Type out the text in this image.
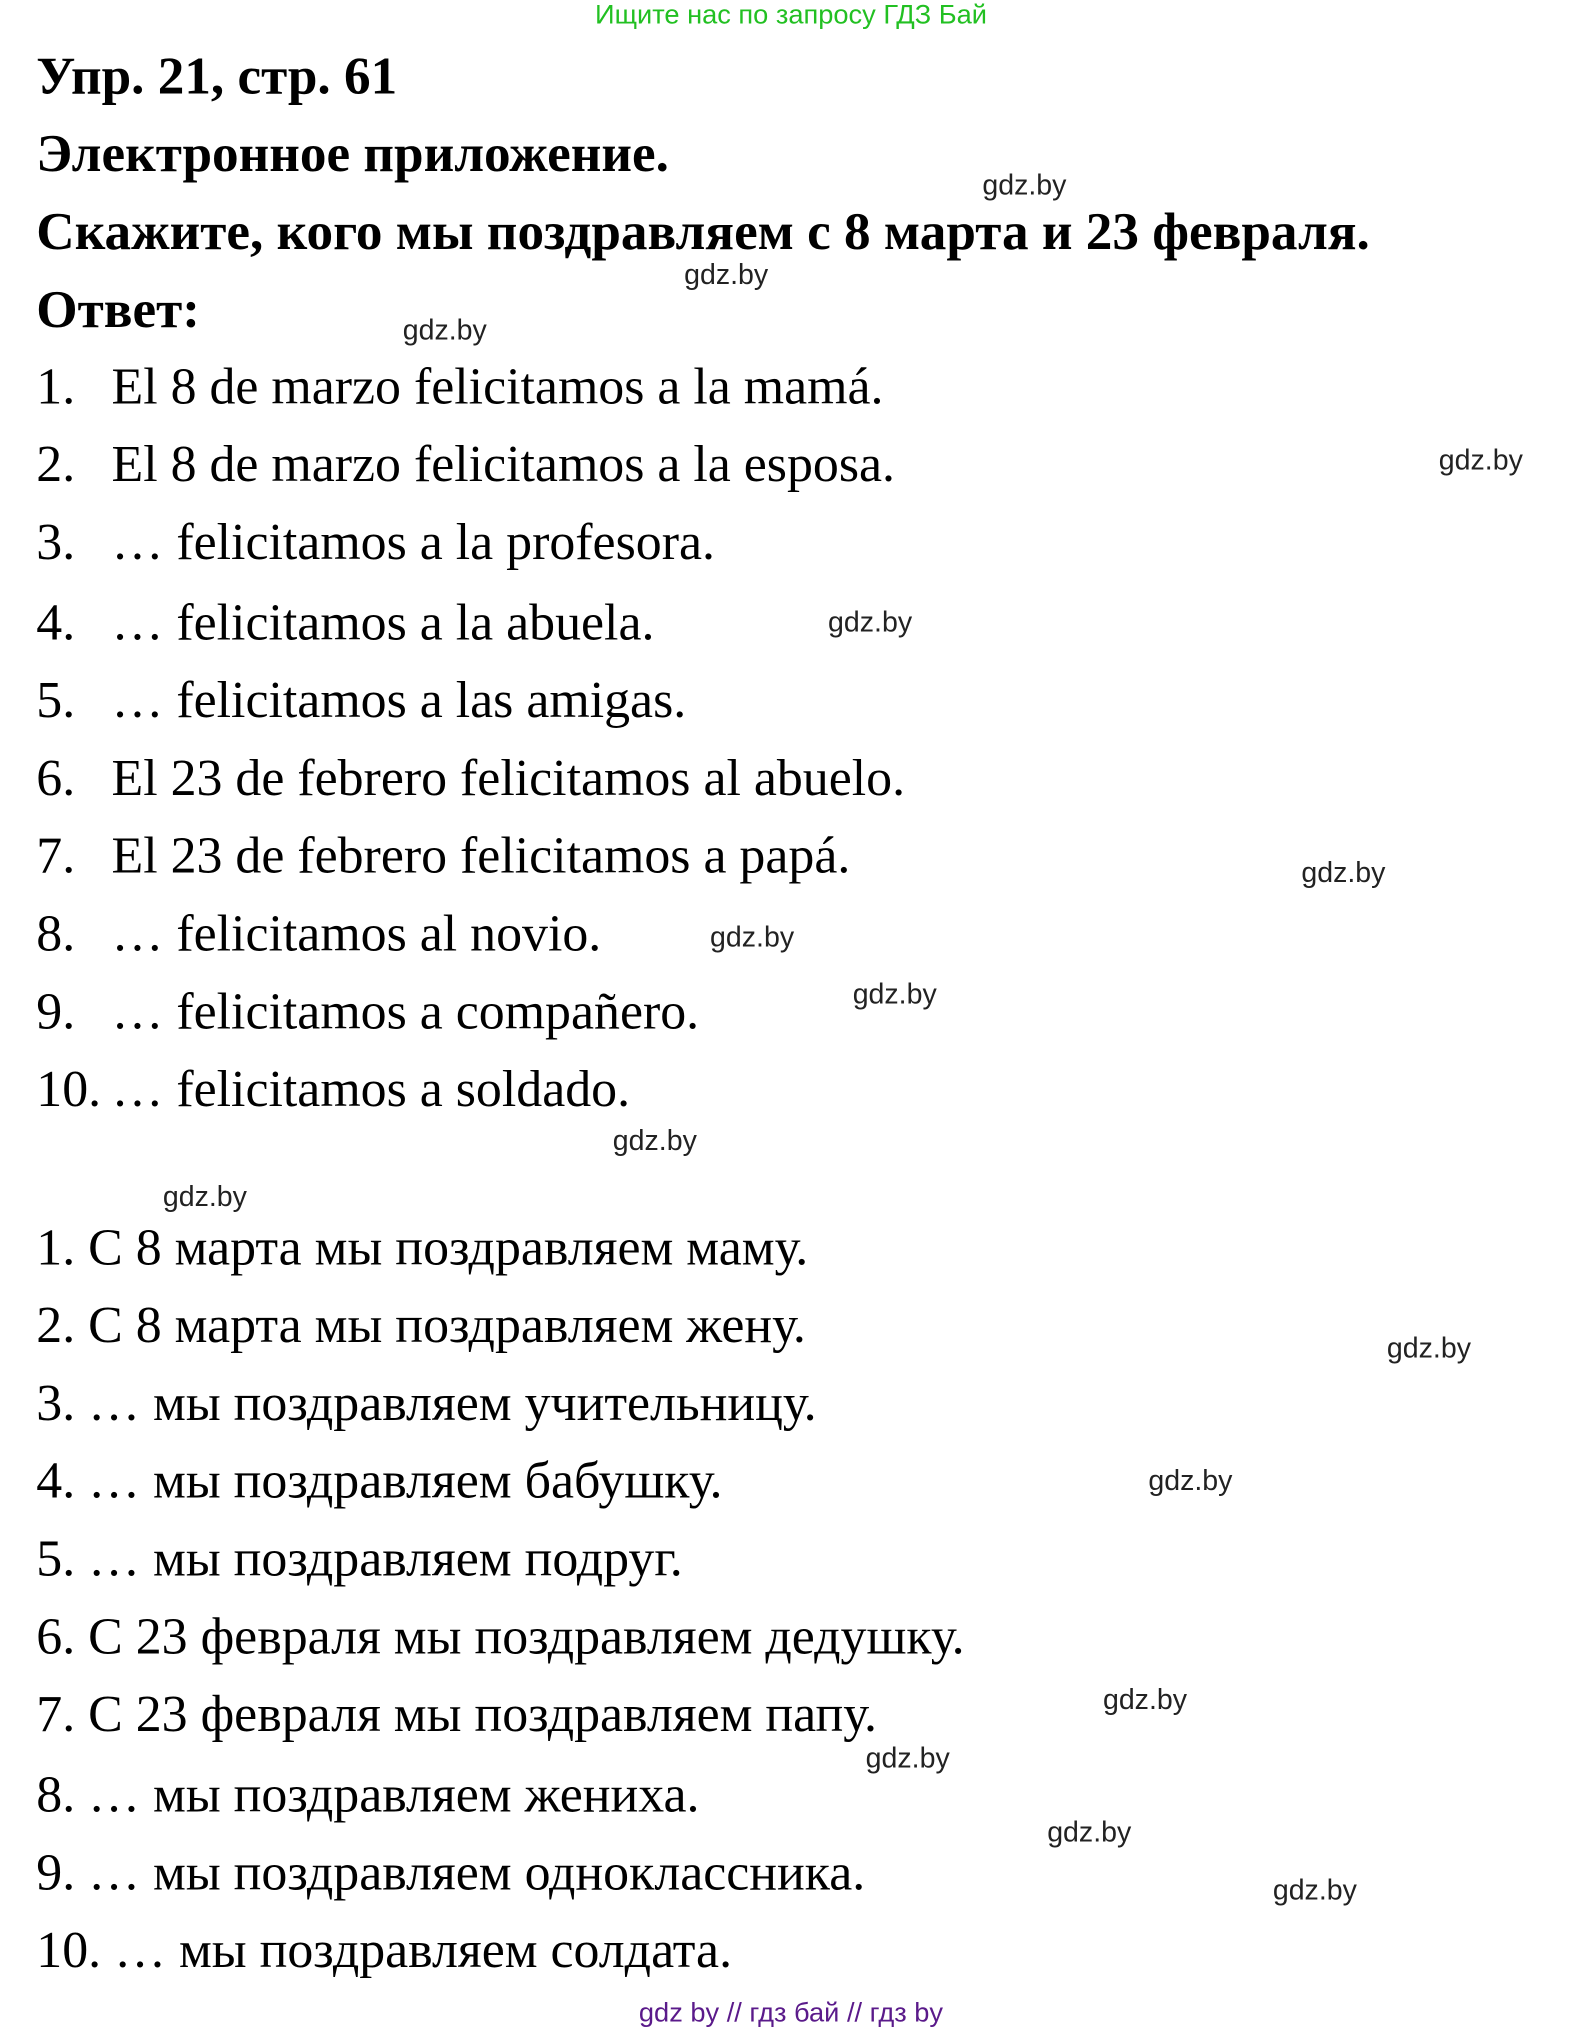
Ищите нас по запросу ГДЗ Бай
Упр. 21, стр. 61
Электронное приложение.
Скажите, кого мы поздравляем с 8 марта и 23 февраля.
Ответ:
1. El 8 de marzo felicitamos a la mamá.
2. El 8 de marzo felicitamos a la esposa.
3. … felicitamos a la profesora.
4. … felicitamos a la abuela.
5. … felicitamos a las amigas.
6. El 23 de febrero felicitamos al abuelo.
7. El 23 de febrero felicitamos a papá.
8. … felicitamos al novio.
9. … felicitamos a compañero.
10. … felicitamos a soldado.
1. С 8 марта мы поздравляем маму.
2. С 8 марта мы поздравляем жену.
3. … мы поздравляем учительницу.
4. … мы поздравляем бабушку.
5. … мы поздравляем подруг.
6. С 23 февраля мы поздравляем дедушку.
7. С 23 февраля мы поздравляем папу.
8. … мы поздравляем жениха.
9. … мы поздравляем одноклассника.
10. … мы поздравляем солдата.
gdz.by
gdz.by
gdz.by
gdz.by
gdz.by
gdz.by
gdz.by
gdz.by
gdz.by
gdz.by
gdz.by
gdz.by
gdz.by
gdz.by
gdz.by
gdz.by
gdz by // гдз бай // гдз by
